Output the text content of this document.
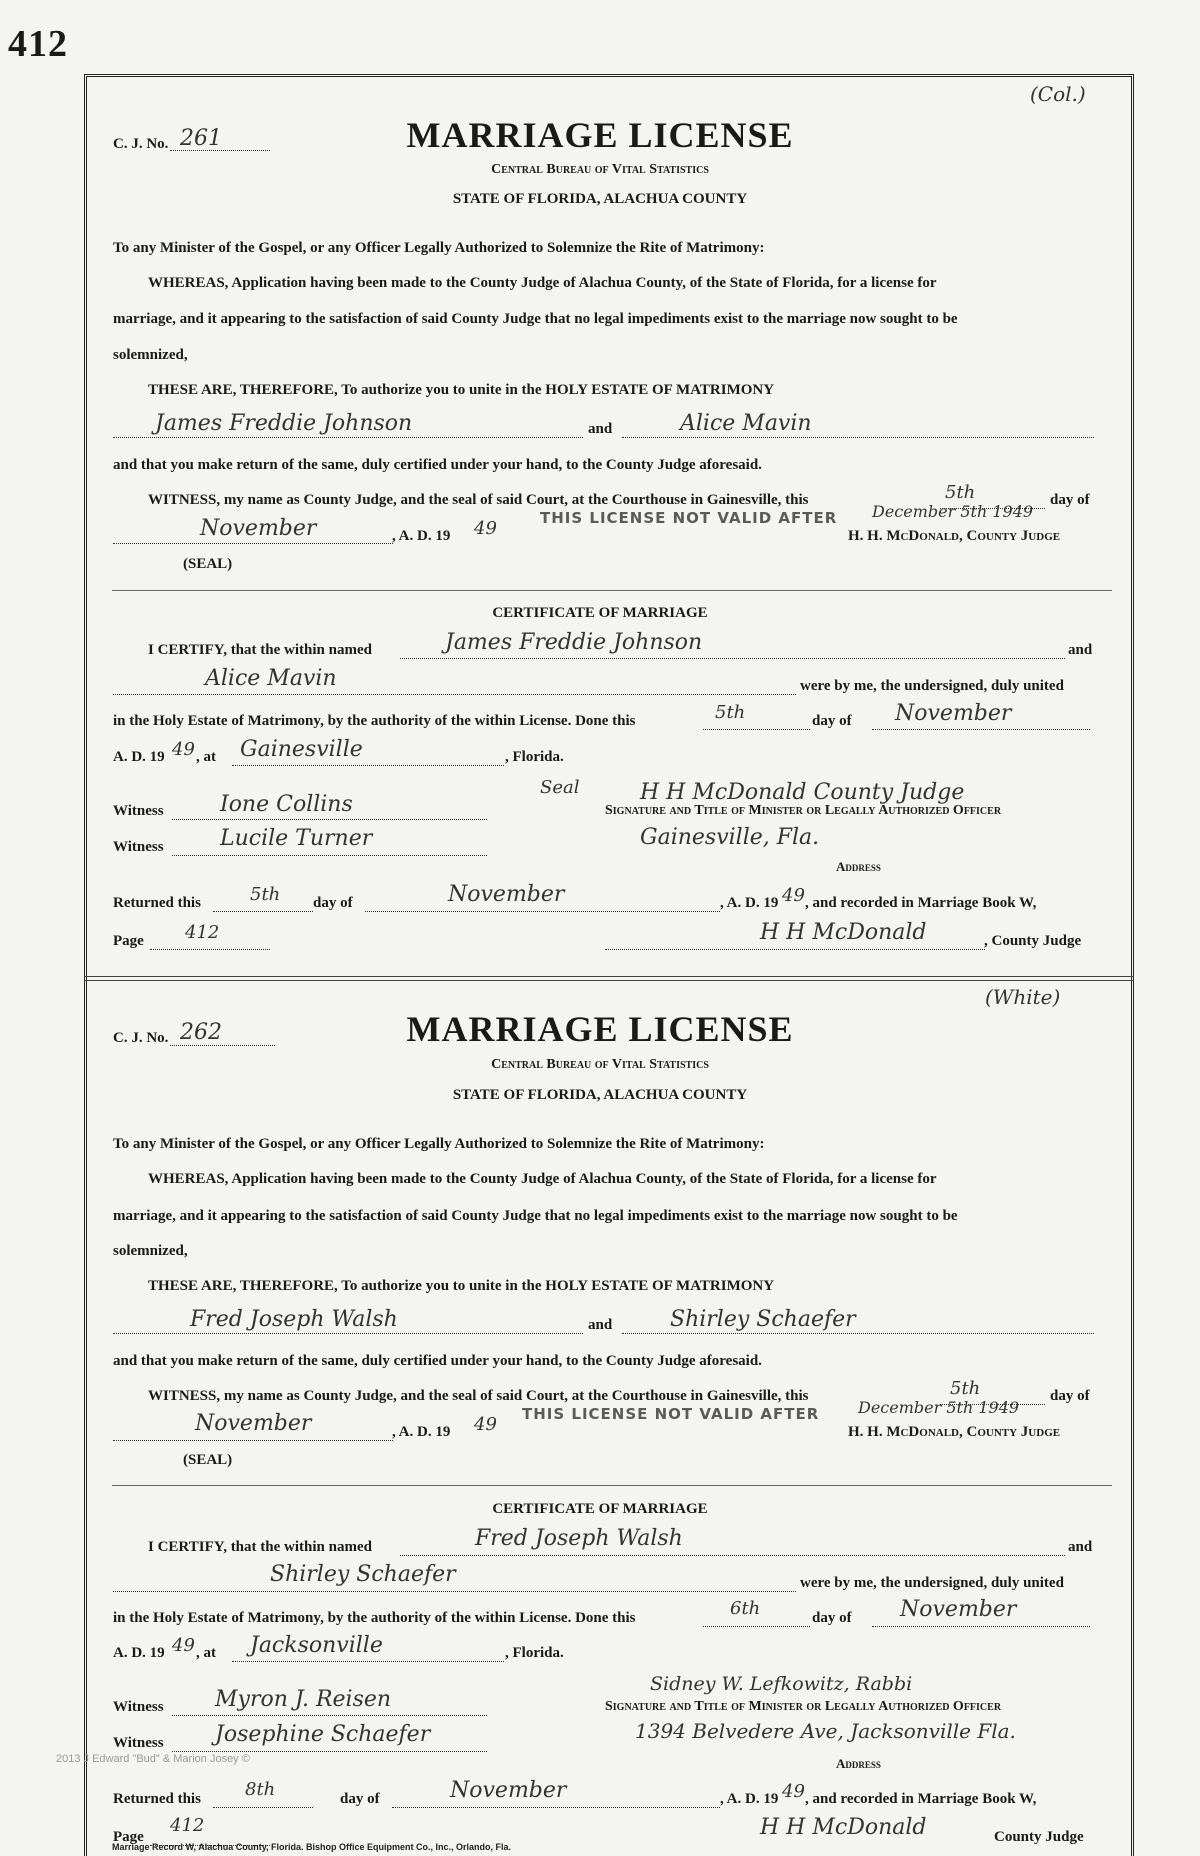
412
(Col.)
C. J. No. 261	MARRIAGE LICENSE
Central Bureau of Vital Statistics
STATE OF FLORIDA, ALACHUA COUNTY
To any Minister of the Gospel, or any Officer Legally Authorized to Solemnize the Rite of Matrimony:
WHEREAS, Application having been made to the County Judge of Alachua County, of the State of Florida, for a license for
marriage, and it appearing to the satisfaction of said County Judge that no legal impediments exist to the marriage now sought to be
solemnized,
THESE ARE, THEREFORE, To authorize you to unite in the HOLY ESTATE OF MATRIMONY
James Freddie Johnson	and	Alice Mavin
and that you make return of the same, duly certified under your hand, to the County Judge aforesaid.
WITNESS, my name as County Judge, and the seal of said Court, at the Courthouse in Gainesville, this	5th	day of
November	, A. D. 19 49	THIS LICENSE NOT VALID AFTER December 5th 1949
H. H. McDonald, County Judge
(SEAL)
CERTIFICATE OF MARRIAGE
I CERTIFY, that the within named	James Freddie Johnson	and
Alice Mavin	were by me, the undersigned, duly united
in the Holy Estate of Matrimony, by the authority of the within License. Done this	5th	day of November
A. D. 19 49 , at Gainesville	, Florida.
Witness	Ione Collins
Seal	H H McDonald County Judge
Signature and Title of Minister or Legally Authorized Officer
Witness	Lucile Turner	Gainesville, Fla.
Address
Returned this	5th day of	November	, A. D. 19 49 , and recorded in Marriage Book W,
Page 412	H H McDonald	, County Judge
(White)
C. J. No. 262	MARRIAGE LICENSE
Central Bureau of Vital Statistics
STATE OF FLORIDA, ALACHUA COUNTY
To any Minister of the Gospel, or any Officer Legally Authorized to Solemnize the Rite of Matrimony:
WHEREAS, Application having been made to the County Judge of Alachua County, of the State of Florida, for a license for
marriage, and it appearing to the satisfaction of said County Judge that no legal impediments exist to the marriage now sought to be
solemnized,
THESE ARE, THEREFORE, To authorize you to unite in the HOLY ESTATE OF MATRIMONY
Fred Joseph Walsh	and	Shirley Schaefer
and that you make return of the same, duly certified under your hand, to the County Judge aforesaid.
WITNESS, my name as County Judge, and the seal of said Court, at the Courthouse in Gainesville, this	5th	day of
November	, A. D. 19 49 THIS LICENSE NOT VALID AFTER December 5th 1949
H. H. McDonald, County Judge
(SEAL)
CERTIFICATE OF MARRIAGE
I CERTIFY, that the within named	Fred Joseph Walsh	and
Shirley Schaefer	were by me, the undersigned, duly united
in the Holy Estate of Matrimony, by the authority of the within License. Done this	6th	day of November
A. D. 19 49 , at Jacksonville	, Florida.
Witness Myron J. Reisen
Sidney W. Lefkowitz, Rabbi
Signature and Title of Minister or Legally Authorized Officer
Witness Josephine Schaefer	1394 Belvedere Ave, Jacksonville Fla.
Address
Returned this 8th	day of	November	, A. D. 19 49 , and recorded in Marriage Book W,
Page
412	H H McDonald	County Judge
2013 J Edward "Bud" & Marion Josey ©
Marriage Record W, Alachua County, Florida. Bishop Office Equipment Co., Inc., Orlando, Fla.
